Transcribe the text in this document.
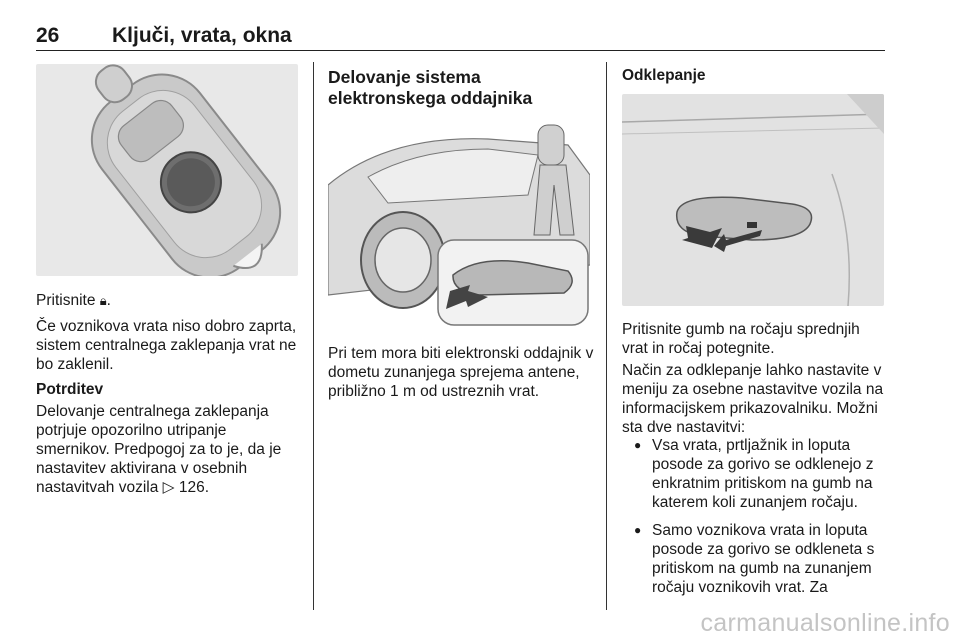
26	Ključi, vrata, okna
Pritisnite 🔒︎.
Če voznikova vrata niso dobro zaprta, sistem centralnega zaklepanja vrat ne bo zaklenil.
Potrditev
Delovanje centralnega zaklepanja potrjuje opozorilno utripanje smernikov. Predpogoj za to je, da je nastavitev aktivirana v osebnih nastavitvah vozila ▷ 126.
Delovanje sistema elektronskega oddajnika
Pri tem mora biti elektronski oddajnik v dometu zunanjega sprejema antene, približno 1 m od ustreznih vrat.
Odklepanje
Pritisnite gumb na ročaju sprednjih vrat in ročaj potegnite.
Način za odklepanje lahko nastavite v meniju za osebne nastavitve vozila na informacijskem prikazovalniku. Možni sta dve nastavitvi:
● Vsa vrata, prtljažnik in loputa posode za gorivo se odklenejo z enkratnim pritiskom na gumb na katerem koli zunanjem ročaju.
● Samo voznikova vrata in loputa posode za gorivo se odkleneta s pritiskom na gumb na zunanjem ročaju voznikovih vrat. Za
carmanualsonline.info
